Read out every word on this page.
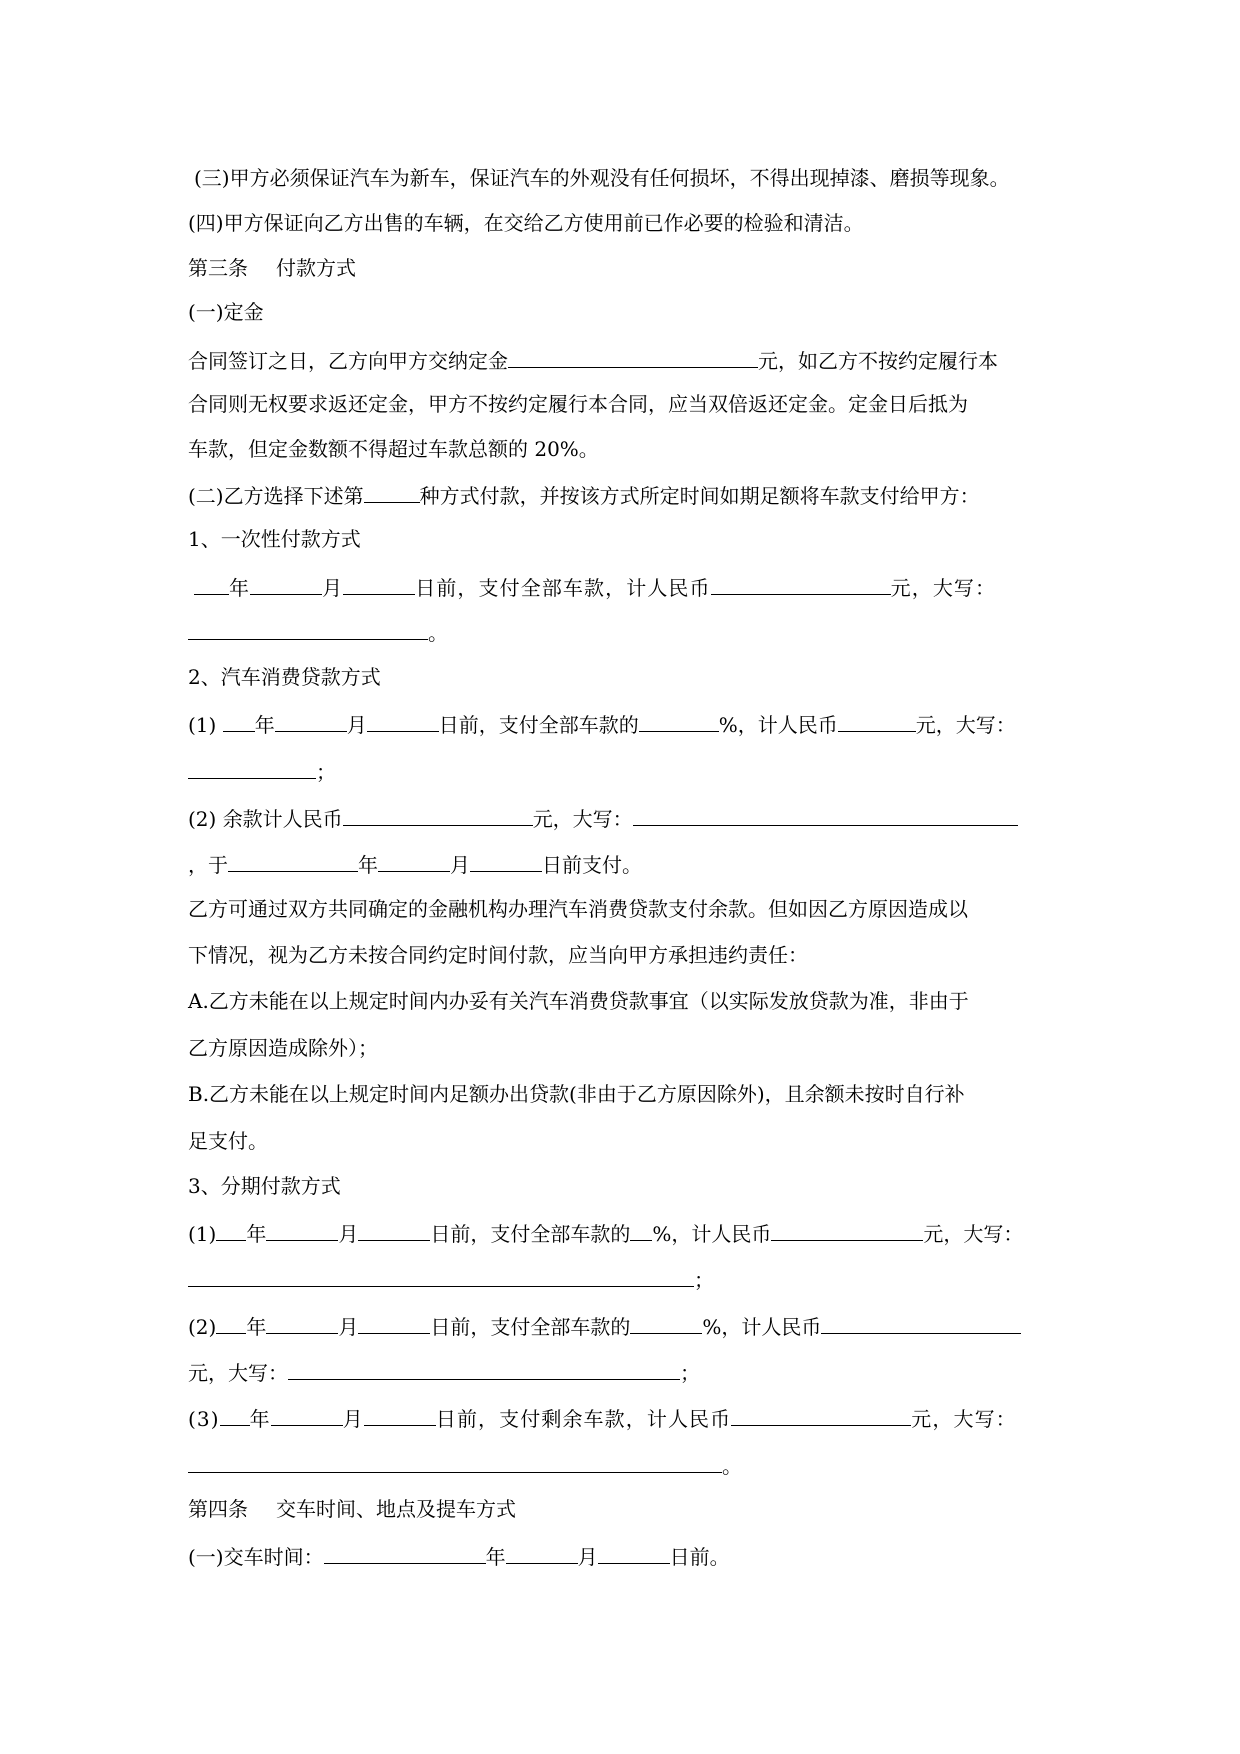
(三)甲方必须保证汽车为新车，保证汽车的外观没有任何损坏，不得出现掉漆、磨损等现象。
(四)甲方保证向乙方出售的车辆，在交给乙方使用前已作必要的检验和清洁。
第三条 付款方式
(一)定金
合同签订之日，乙方向甲方交纳定金	元，如乙方不按约定履行本
合同则无权要求返还定金，甲方不按约定履行本合同，应当双倍返还定金。定金日后抵为
车款，但定金数额不得超过车款总额的 20%。
(二)乙方选择下述第	种方式付款，并按该方式所定时间如期足额将车款支付给甲方：
1、一次性付款方式
年	月	日前，支付全部车款，计人民币	元，大写：
。
2、汽车消费贷款方式
(1) 年	月	日前，支付全部车款的	%，计人民币	元，大写：
；
(2) 余款计人民币	元，大写：
，于	年	月	日前支付。
乙方可通过双方共同确定的金融机构办理汽车消费贷款支付余款。但如因乙方原因造成以
下情况，视为乙方未按合同约定时间付款，应当向甲方承担违约责任：
A.乙方未能在以上规定时间内办妥有关汽车消费贷款事宜（以实际发放贷款为准，非由于
乙方原因造成除外）；
B.乙方未能在以上规定时间内足额办出贷款(非由于乙方原因除外)，且余额未按时自行补
足支付。
3、分期付款方式
(1) 年	月	日前，支付全部车款的 %，计人民币	元，大写：
；
(2) 年	月	日前，支付全部车款的	%，计人民币
元，大写：	；
(3) 年	月	日前，支付剩余车款，计人民币	元，大写：
。
第四条 交车时间、地点及提车方式
(一)交车时间：	年	月	日前。
